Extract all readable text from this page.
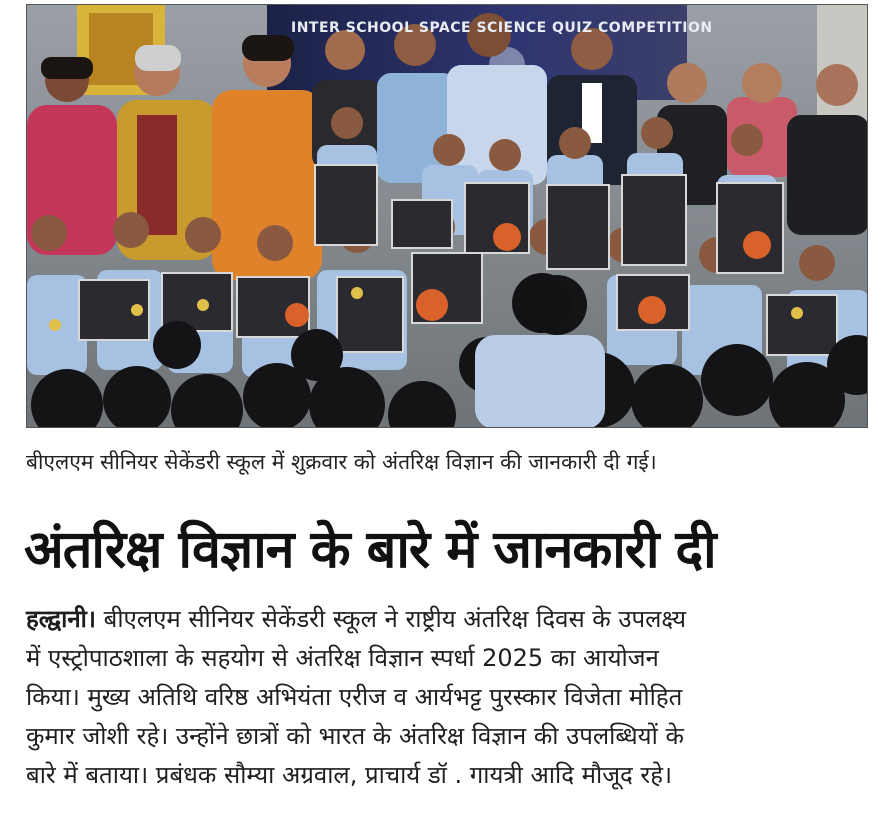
INTER SCHOOL SPACE SCIENCE QUIZ COMPETITION
बीएलएम सीनियर सेकेंडरी स्कूल में शुक्रवार को अंतरिक्ष विज्ञान की जानकारी दी गई।
अंतरिक्ष विज्ञान के बारे में जानकारी दी
हल्द्वानी। बीएलएम सीनियर सेकेंडरी स्कूल ने राष्ट्रीय अंतरिक्ष दिवस के उपलक्ष्य
में एस्ट्रोपाठशाला के सहयोग से अंतरिक्ष विज्ञान स्पर्धा 2025 का आयोजन
किया। मुख्य अतिथि वरिष्ठ अभियंता एरीज व आर्यभट्ट पुरस्कार विजेता मोहित
कुमार जोशी रहे। उन्होंने छात्रों को भारत के अंतरिक्ष विज्ञान की उपलब्धियों के
बारे में बताया। प्रबंधक सौम्या अग्रवाल, प्राचार्य डॉ . गायत्री आदि मौजूद रहे।
